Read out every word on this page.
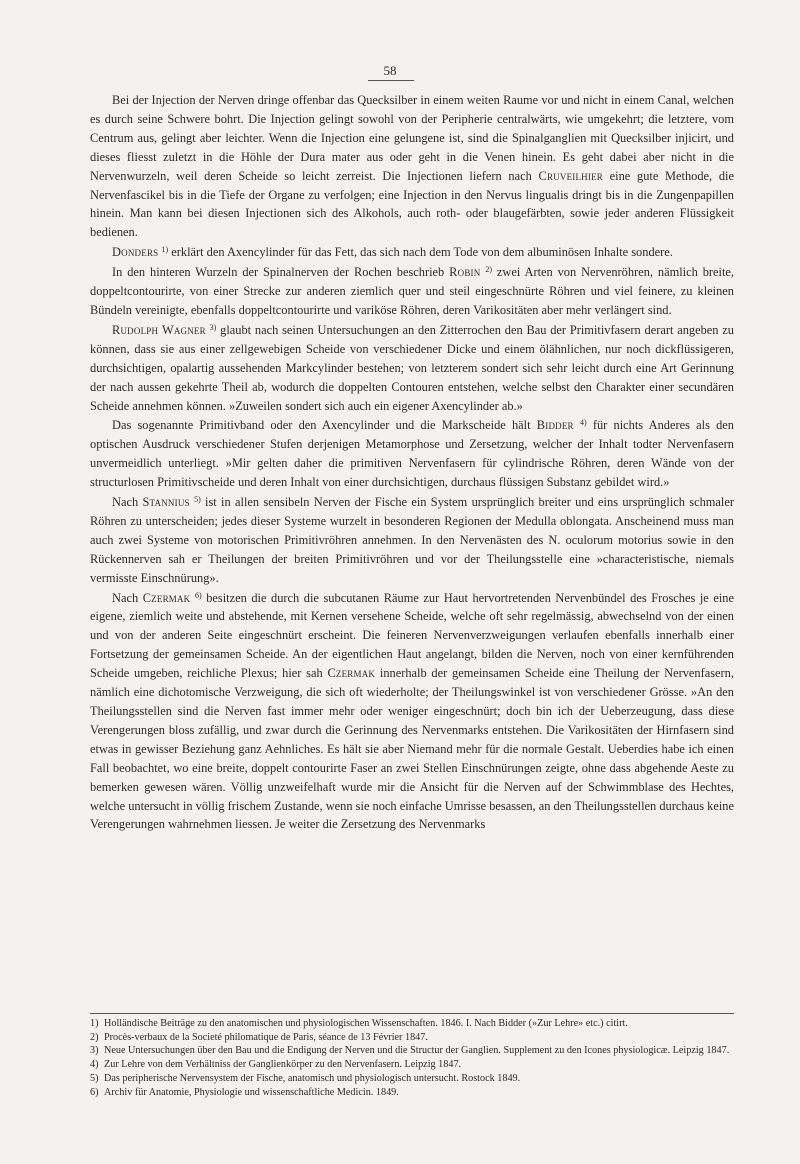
58

Bei der Injection der Nerven dringe offenbar das Quecksilber in einem weiten Raume vor und nicht in einem Canal, welchen es durch seine Schwere bohrt. Die Injection gelingt sowohl von der Peripherie centralwärts, wie umgekehrt; die letztere, vom Centrum aus, gelingt aber leichter. Wenn die Injection eine gelungene ist, sind die Spinalganglien mit Quecksilber injicirt, und dieses fliesst zuletzt in die Höhle der Dura mater aus oder geht in die Venen hinein. Es geht dabei aber nicht in die Nervenwurzeln, weil deren Scheide so leicht zerreist. Die Injectionen liefern nach Cruveilhier eine gute Methode, die Nervenfascikel bis in die Tiefe der Organe zu verfolgen; eine Injection in den Nervus lingualis dringt bis in die Zungenpapillen hinein. Man kann bei diesen Injectionen sich des Alkohols, auch roth- oder blaugefärbten, sowie jeder anderen Flüssigkeit bedienen.

Donders $^{1)}$ erklärt den Axencylinder für das Fett, das sich nach dem Tode von dem albuminösen Inhalte sondere.

In den hinteren Wurzeln der Spinalnerven der Rochen beschrieb Robin $^{2)}$ zwei Arten von Nervenröhren, nämlich breite, doppeltcontourirte, von einer Strecke zur anderen ziemlich quer und steil eingeschnürte Röhren und viel feinere, zu kleinen Bündeln vereinigte, ebenfalls doppeltcontourirte und variköse Röhren, deren Varikositäten aber mehr verlängert sind.

Rudolph Wagner $^{3)}$ glaubt nach seinen Untersuchungen an den Zitterrochen den Bau der Primitivfasern derart angeben zu können, dass sie aus einer zellgewebigen Scheide von verschiedener Dicke und einem ölähnlichen, nur noch dickflüssigeren, durchsichtigen, opalartig aussehenden Markcylinder bestehen; von letzterem sondert sich sehr leicht durch eine Art Gerinnung der nach aussen gekehrte Theil ab, wodurch die doppelten Contouren entstehen, welche selbst den Charakter einer secundären Scheide annehmen können. »Zuweilen sondert sich auch ein eigener Axencylinder ab.»

Das sogenannte Primitivband oder den Axencylinder und die Markscheide hält Bidder $^{4)}$ für nichts Anderes als den optischen Ausdruck verschiedener Stufen derjenigen Metamorphose und Zersetzung, welcher der Inhalt todter Nervenfasern unvermeidlich unterliegt. »Mir gelten daher die primitiven Nervenfasern für cylindrische Röhren, deren Wände von der structurlosen Primitivscheide und deren Inhalt von einer durchsichtigen, durchaus flüssigen Substanz gebildet wird.»

Nach Stannius $^{5)}$ ist in allen sensibeln Nerven der Fische ein System ursprünglich breiter und eins ursprünglich schmaler Röhren zu unterscheiden; jedes dieser Systeme wurzelt in besonderen Regionen der Medulla oblongata. Anscheinend muss man auch zwei Systeme von motorischen Primitivröhren annehmen. In den Nervenästen des N. oculorum motorius sowie in den Rückennerven sah er Theilungen der breiten Primitivröhren und vor der Theilungsstelle eine »characteristische, niemals vermisste Einschnürung».

Nach Czermak $^{6)}$ besitzen die durch die subcutanen Räume zur Haut hervortretenden Nervenbündel des Frosches je eine eigene, ziemlich weite und abstehende, mit Kernen versehene Scheide, welche oft sehr regelmässig, abwechselnd von der einen und von der anderen Seite eingeschnürt erscheint. Die feineren Nervenverzweigungen verlaufen ebenfalls innerhalb einer Fortsetzung der gemeinsamen Scheide. An der eigentlichen Haut angelangt, bilden die Nerven, noch von einer kernführenden Scheide umgeben, reichliche Plexus; hier sah Czermak innerhalb der gemeinsamen Scheide eine Theilung der Nervenfasern, nämlich eine dichotomische Verzweigung, die sich oft wiederholte; der Theilungswinkel ist von verschiedener Grösse. »An den Theilungsstellen sind die Nerven fast immer mehr oder weniger eingeschnürt; doch bin ich der Ueberzeugung, dass diese Verengerungen bloss zufällig, und zwar durch die Gerinnung des Nervenmarks entstehen. Die Varikositäten der Hirnfasern sind etwas in gewisser Beziehung ganz Aehnliches. Es hält sie aber Niemand mehr für die normale Gestalt. Ueberdies habe ich einen Fall beobachtet, wo eine breite, doppelt contourirte Faser an zwei Stellen Einschnürungen zeigte, ohne dass abgehende Aeste zu bemerken gewesen wären. Völlig unzweifelhaft wurde mir die Ansicht für die Nerven auf der Schwimmblase des Hechtes, welche untersucht in völlig frischem Zustande, wenn sie noch einfache Umrisse besassen, an den Theilungsstellen durchaus keine Verengerungen wahrnehmen liessen. Je weiter die Zersetzung des Nervenmarks

1) Holländische Beiträge zu den anatomischen und physiologischen Wissenschaften. 1846. I. Nach Bidder (»Zur Lehre» etc.) citirt.

2) Procès-verbaux de la Societé philomatique de Paris, séance de 13 Février 1847.

3) Neue Untersuchungen über den Bau und die Endigung der Nerven und die Structur der Ganglien. Supplement zu den Icones physiologicæ. Leipzig 1847.

4) Zur Lehre von dem Verhältniss der Ganglienkörper zu den Nervenfasern. Leipzig 1847.

5) Das peripherische Nervensystem der Fische, anatomisch und physiologisch untersucht. Rostock 1849.

6) Archiv für Anatomie, Physiologie und wissenschaftliche Medicin. 1849.
